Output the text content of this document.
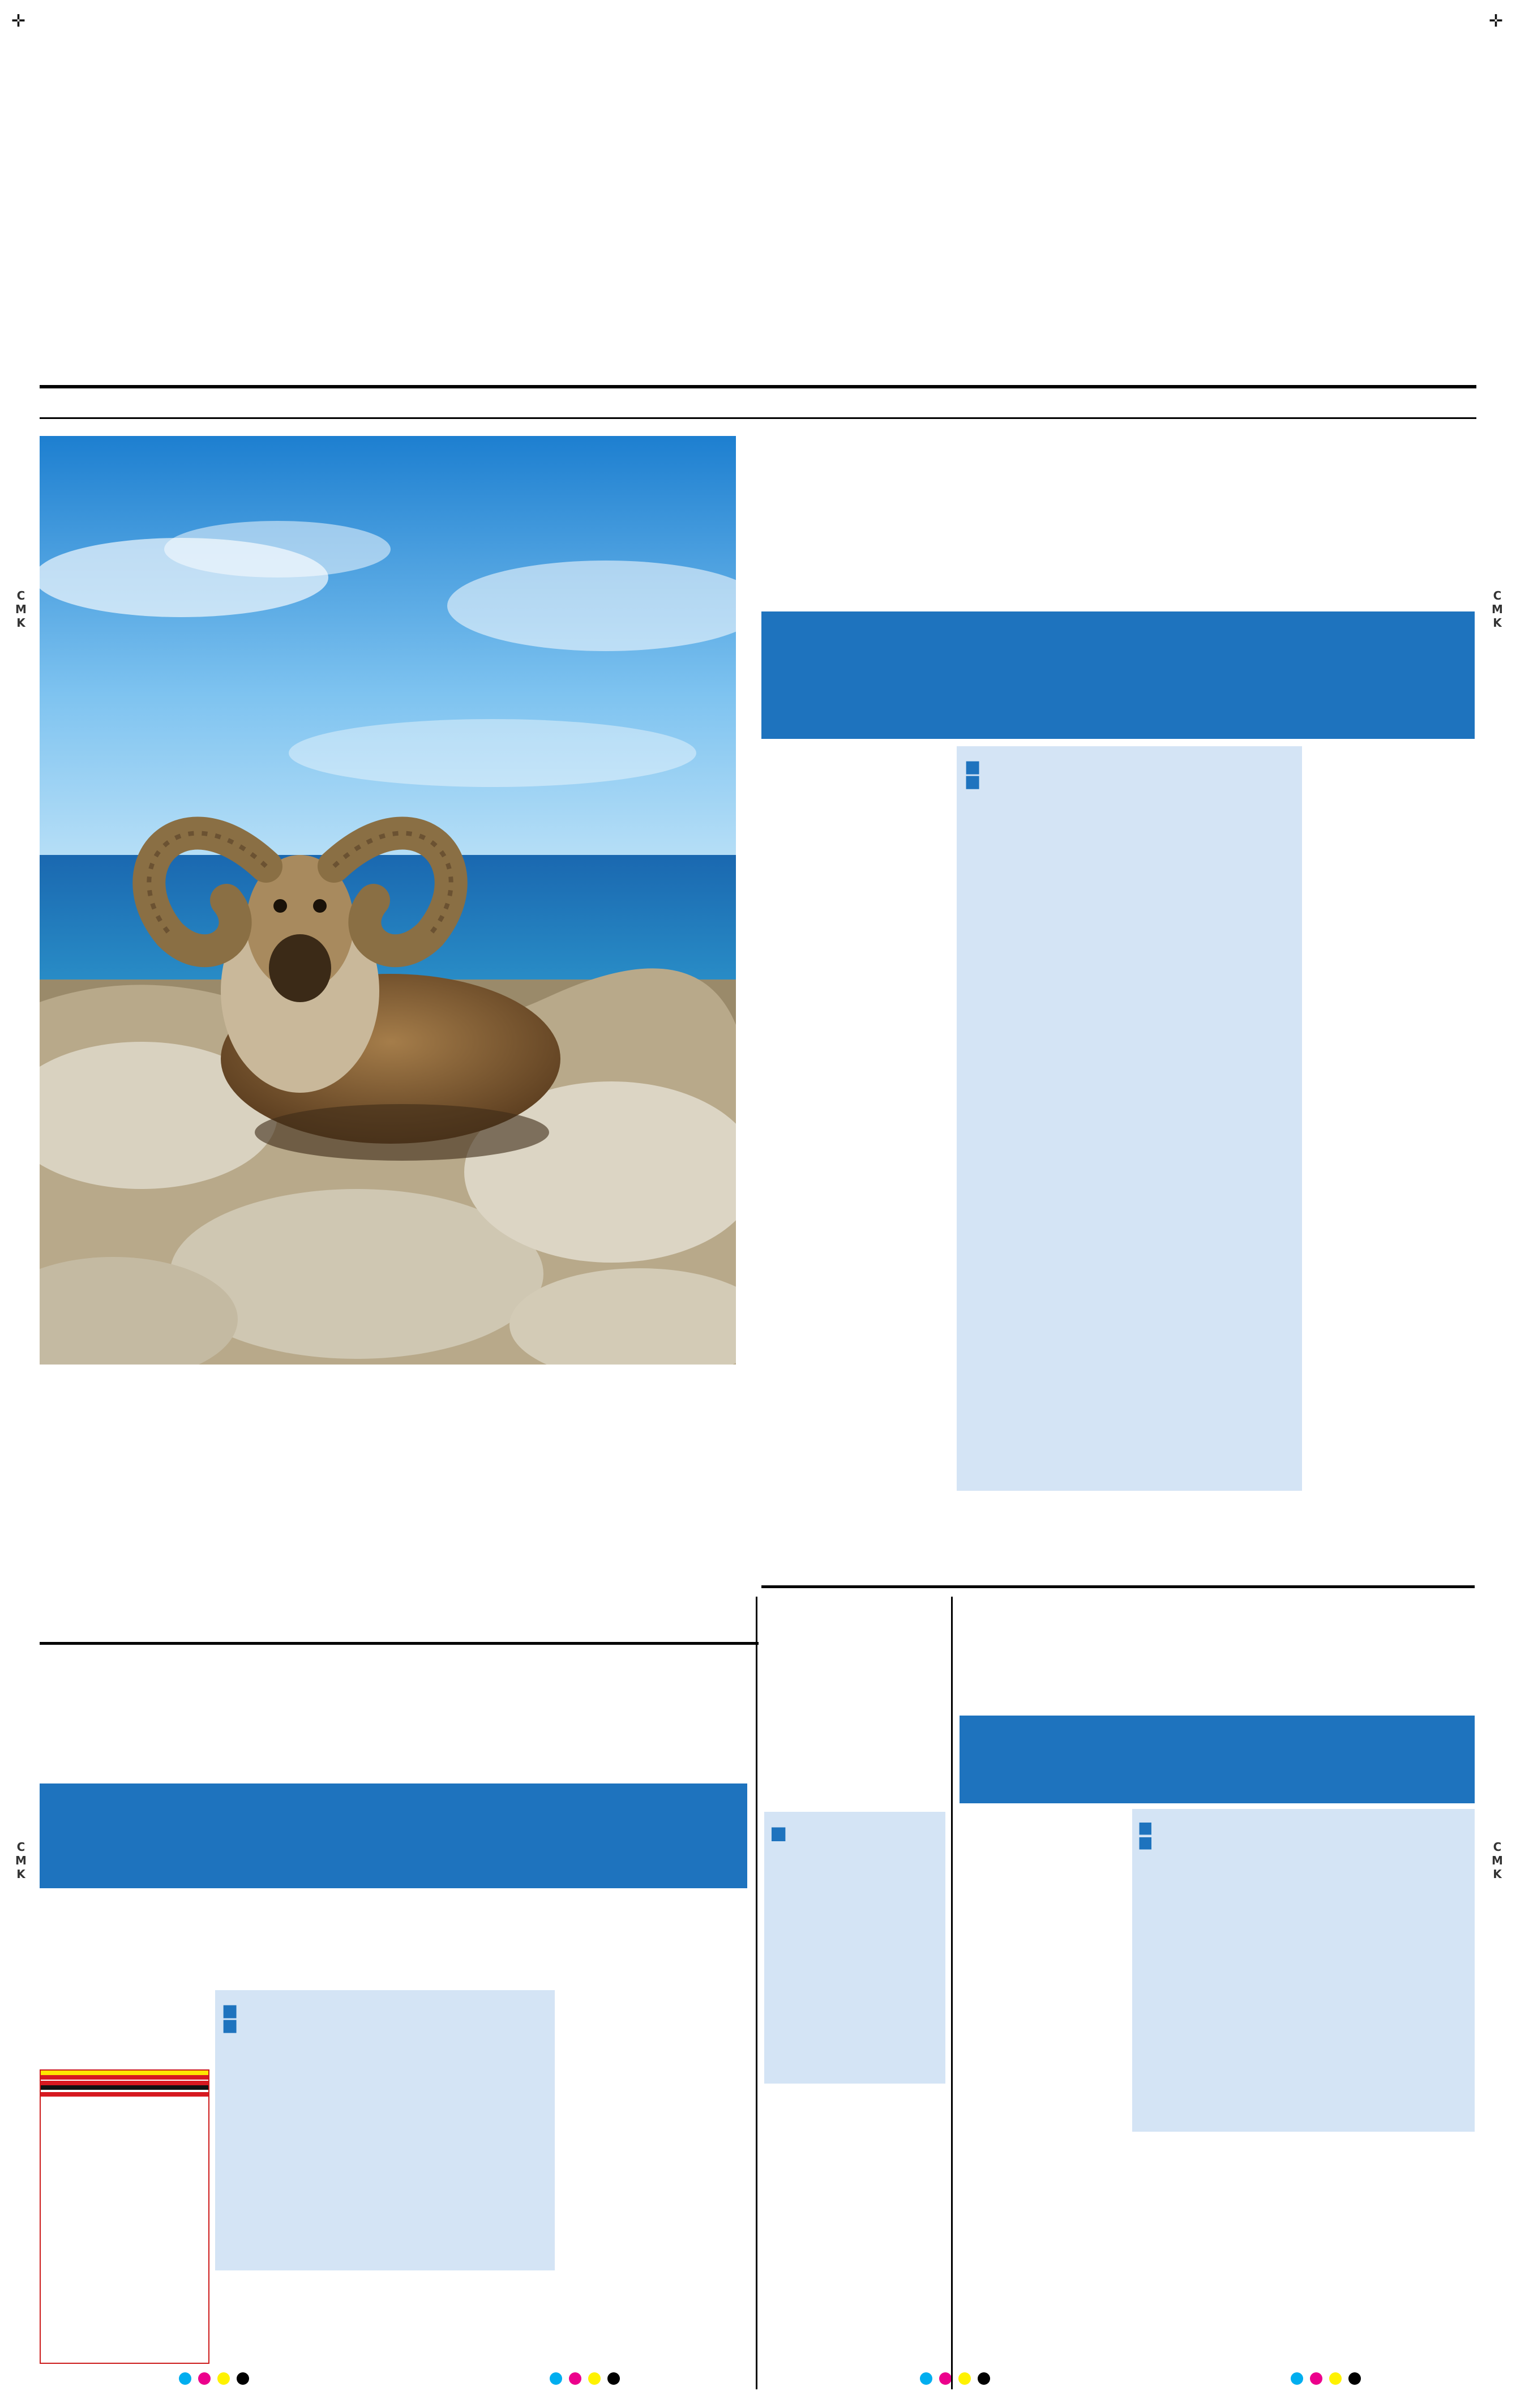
C
M
K
C
M
K
C
M
K
C
M
K
✛	✛
